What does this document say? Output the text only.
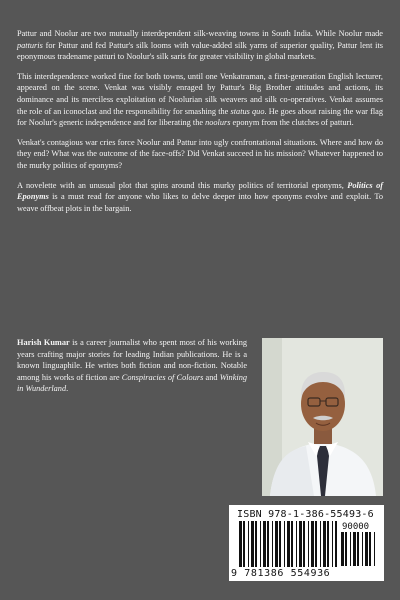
Pattur and Noolur are two mutually interdependent silk-weaving towns in South India. While Noolur made patturis for Pattur and fed Pattur's silk looms with value-added silk yarns of superior quality, Pattur lent its eponymous tradename patturi to Noolur's silk saris for greater visibility in global markets.

This interdependence worked fine for both towns, until one Venkatraman, a first-generation English lecturer, appeared on the scene. Venkat was visibly enraged by Pattur's Big Brother attitudes and actions, its dominance and its merciless exploitation of Noolurian silk weavers and silk co-operatives. Venkat assumes the role of an iconoclast and the responsibility for smashing the status quo. He goes about raising the war flag for Noolur's generic independence and for liberating the noolurs eponym from the clutches of patturi.

Venkat's contagious war cries force Noolur and Pattur into ugly confrontational situations. Where and how do they end? What was the outcome of the face-offs? Did Venkat succeed in his mission? Whatever happened to the murky politics of eponyms?

A novelette with an unusual plot that spins around this murky politics of territorial eponyms, Politics of Eponyms is a must read for anyone who likes to delve deeper into how eponyms evolve and exploit. To weave offbeat plots in the bargain.

Harish Kumar is a career journalist who spent most of his working years crafting major stories for leading Indian publications. He is a known linguaphile. He writes both fiction and non-fiction. Notable among his works of fiction are Conspiracies of Colours and Winking in Wunderland.

ISBN 978-1-386-55493-6
90000
9 781386 554936
